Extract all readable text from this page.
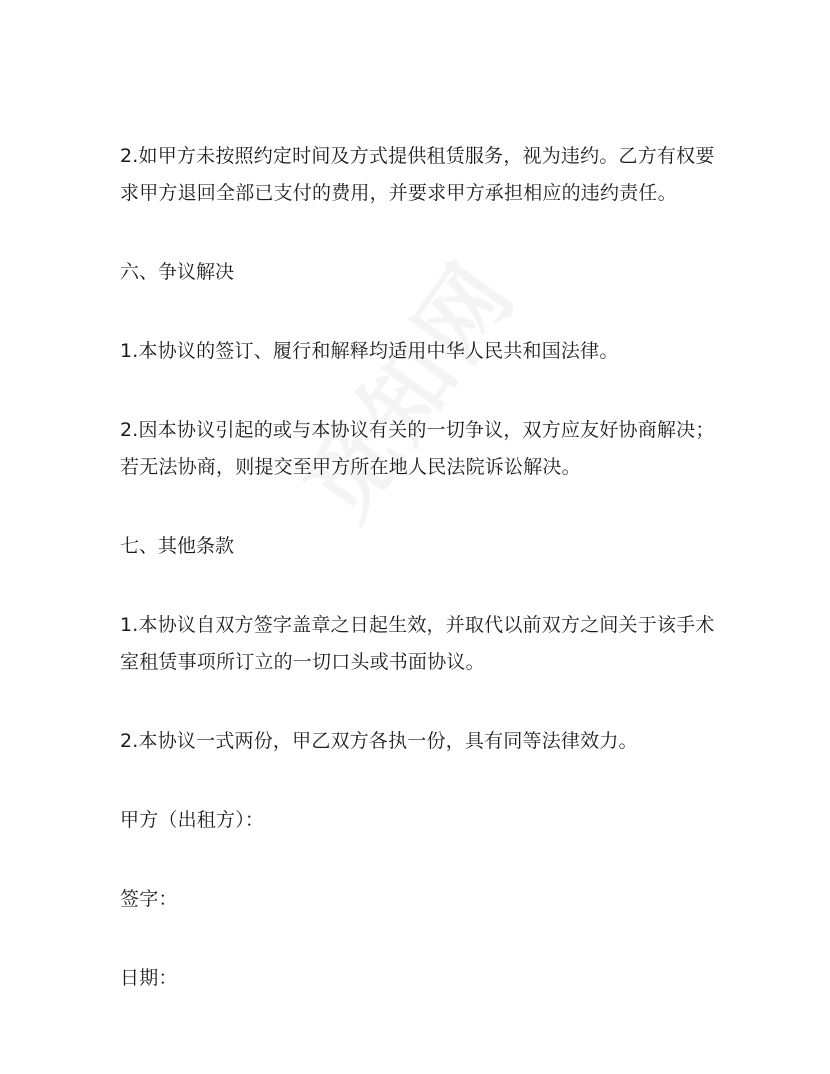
2.如甲方未按照约定时间及方式提供租赁服务，视为违约。乙方有权要求甲方退回全部已支付的费用，并要求甲方承担相应的违约责任。

六、争议解决

1.本协议的签订、履行和解释均适用中华人民共和国法律。

2.因本协议引起的或与本协议有关的一切争议，双方应友好协商解决；若无法协商，则提交至甲方所在地人民法院诉讼解决。

七、其他条款

1.本协议自双方签字盖章之日起生效，并取代以前双方之间关于该手术室租赁事项所订立的一切口头或书面协议。

2.本协议一式两份，甲乙双方各执一份，具有同等法律效力。

甲方（出租方）：

签字：

日期：
